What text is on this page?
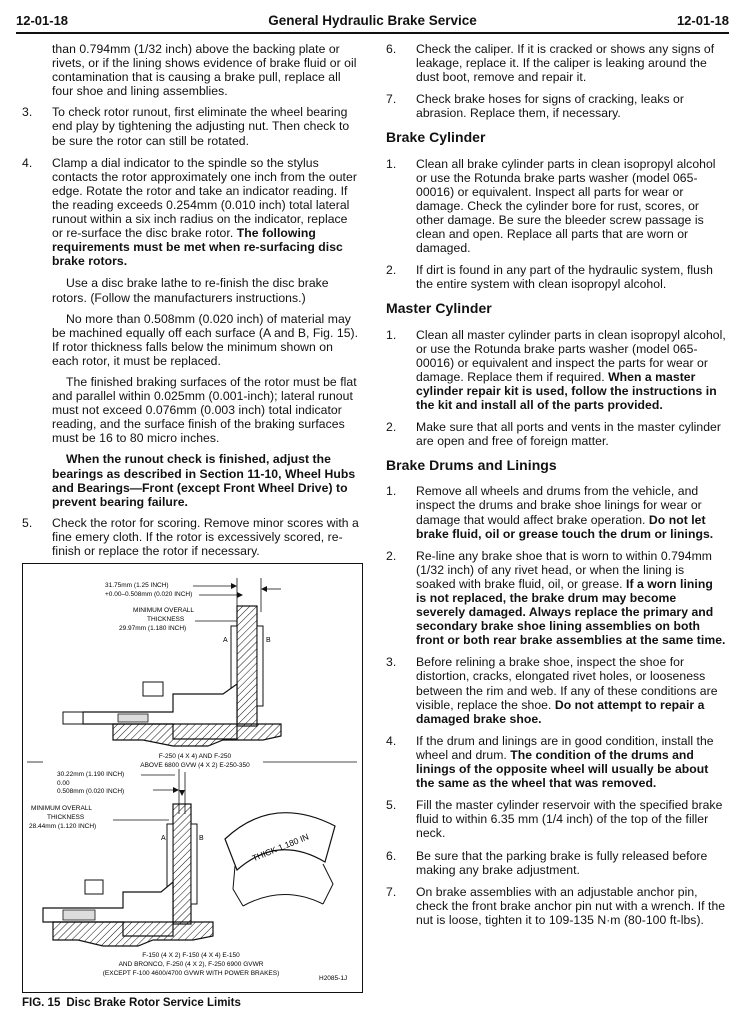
12-01-18	General Hydraulic Brake Service	12-01-18
than 0.794mm (1/32 inch) above the backing plate or rivets, or if the lining shows evidence of brake fluid or oil contamination that is causing a brake pull, replace all four shoe and lining assemblies.
3. To check rotor runout, first eliminate the wheel bearing end play by tightening the adjusting nut. Then check to be sure the rotor can still be rotated.
4. Clamp a dial indicator to the spindle so the stylus contacts the rotor approximately one inch from the outer edge. Rotate the rotor and take an indicator reading. If the reading exceeds 0.254mm (0.010 inch) total lateral runout within a six inch radius on the indicator, replace or re-surface the disc brake rotor. The following requirements must be met when re-surfacing disc brake rotors.
Use a disc brake lathe to re-finish the disc brake rotors. (Follow the manufacturers instructions.)
No more than 0.508mm (0.020 inch) of material may be machined equally off each surface (A and B, Fig. 15). If rotor thickness falls below the minimum shown on each rotor, it must be replaced.
The finished braking surfaces of the rotor must be flat and parallel within 0.025mm (0.001-inch); lateral runout must not exceed 0.076mm (0.003 inch) total indicator reading, and the surface finish of the braking surfaces must be 16 to 80 micro inches.
When the runout check is finished, adjust the bearings as described in Section 11-10, Wheel Hubs and Bearings—Front (except Front Wheel Drive) to prevent bearing failure.
5. Check the rotor for scoring. Remove minor scores with a fine emery cloth. If the rotor is excessively scored, re-finish or replace the rotor if necessary.
31.75mm (1.25 INCH)
+0.00–0.508mm (0.020 INCH)
MINIMUM OVERALL
THICKNESS
29.97mm (1.180 INCH)
A	B
F-250 (4 X 4) AND F-250
ABOVE 6800 GVW (4 X 2) E-250-350
30.22mm (1.190 INCH)
0.00
0.508mm (0.020 INCH)
MINIMUM OVERALL
THICKNESS
28.44mm (1.120 INCH)
A	B	THICK 1.180 IN
F-150 (4 X 2) F-150 (4 X 4) E-150
AND BRONCO, F-250 (4 X 2), F-250 6900 GVWR
(EXCEPT F-100 4600/4700 GVWR WITH POWER BRAKES)
H2085-1J
FIG. 15 Disc Brake Rotor Service Limits
6. Check the caliper. If it is cracked or shows any signs of leakage, replace it. If the caliper is leaking around the dust boot, remove and repair it.
7. Check brake hoses for signs of cracking, leaks or abrasion. Replace them, if necessary.
Brake Cylinder
1. Clean all brake cylinder parts in clean isopropyl alcohol or use the Rotunda brake parts washer (model 065-00016) or equivalent. Inspect all parts for wear or damage. Check the cylinder bore for rust, scores, or other damage. Be sure the bleeder screw passage is clean and open. Replace all parts that are worn or damaged.
2. If dirt is found in any part of the hydraulic system, flush the entire system with clean isopropyl alcohol.
Master Cylinder
1. Clean all master cylinder parts in clean isopropyl alcohol, or use the Rotunda brake parts washer (model 065-00016) or equivalent and inspect the parts for wear or damage. Replace them if required. When a master cylinder repair kit is used, follow the instructions in the kit and install all of the parts provided.
2. Make sure that all ports and vents in the master cylinder are open and free of foreign matter.
Brake Drums and Linings
1. Remove all wheels and drums from the vehicle, and inspect the drums and brake shoe linings for wear or damage that would affect brake operation. Do not let brake fluid, oil or grease touch the drum or linings.
2. Re-line any brake shoe that is worn to within 0.794mm (1/32 inch) of any rivet head, or when the lining is soaked with brake fluid, oil, or grease. If a worn lining is not replaced, the brake drum may become severely damaged. Always replace the primary and secondary brake shoe lining assemblies on both front or both rear brake assemblies at the same time.
3. Before relining a brake shoe, inspect the shoe for distortion, cracks, elongated rivet holes, or looseness between the rim and web. If any of these conditions are visible, replace the shoe. Do not attempt to repair a damaged brake shoe.
4. If the drum and linings are in good condition, install the wheel and drum. The condition of the drums and linings of the opposite wheel will usually be about the same as the wheel that was removed.
5. Fill the master cylinder reservoir with the specified brake fluid to within 6.35 mm (1/4 inch) of the top of the filler neck.
6. Be sure that the parking brake is fully released before making any brake adjustment.
7. On brake assemblies with an adjustable anchor pin, check the front brake anchor pin nut with a wrench. If the nut is loose, tighten it to 109-135 N·m (80-100 ft-lbs).
